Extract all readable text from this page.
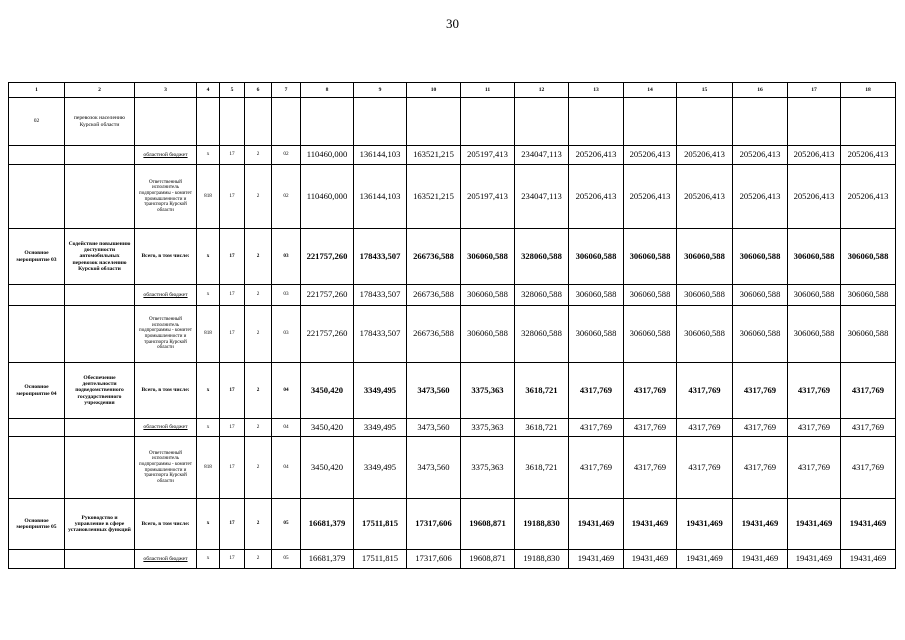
30
1	2	3	4	5	6	7	8	9	10	11	12	13	14	15	16	17	18
02	перевозок населению Курской области																
		областной бюджет	х	17	2	02	110460,000	136144,103	163521,215	205197,413	234047,113	205206,413	205206,413	205206,413	205206,413	205206,413	205206,413
		Ответственный исполнитель подпрограммы - комитет промышленности и транспорта Курской области	818	17	2	02	110460,000	136144,103	163521,215	205197,413	234047,113	205206,413	205206,413	205206,413	205206,413	205206,413	205206,413
Основное мероприятие 03	Содействие повышению доступности автомобильных перевозок населению Курской области	Всего, в том числе:	х	17	2	03	221757,260	178433,507	266736,588	306060,588	328060,588	306060,588	306060,588	306060,588	306060,588	306060,588	306060,588
		областной бюджет	х	17	2	03	221757,260	178433,507	266736,588	306060,588	328060,588	306060,588	306060,588	306060,588	306060,588	306060,588	306060,588
		Ответственный исполнитель подпрограммы - комитет промышленности и транспорта Курской области	818	17	2	03	221757,260	178433,507	266736,588	306060,588	328060,588	306060,588	306060,588	306060,588	306060,588	306060,588	306060,588
Основное мероприятие 04	Обеспечение деятельности подведомственного государственного учреждения	Всего, в том числе:	х	17	2	04	3450,420	3349,495	3473,560	3375,363	3618,721	4317,769	4317,769	4317,769	4317,769	4317,769	4317,769
		областной бюджет	х	17	2	04	3450,420	3349,495	3473,560	3375,363	3618,721	4317,769	4317,769	4317,769	4317,769	4317,769	4317,769
		Ответственный исполнитель подпрограммы - комитет промышленности и транспорта Курской области	818	17	2	04	3450,420	3349,495	3473,560	3375,363	3618,721	4317,769	4317,769	4317,769	4317,769	4317,769	4317,769
Основное мероприятие 05	Руководство и управление в сфере установленных функций	Всего, в том числе:	х	17	2	05	16681,379	17511,815	17317,606	19608,871	19188,830	19431,469	19431,469	19431,469	19431,469	19431,469	19431,469
		областной бюджет	х	17	2	05	16681,379	17511,815	17317,606	19608,871	19188,830	19431,469	19431,469	19431,469	19431,469	19431,469	19431,469
